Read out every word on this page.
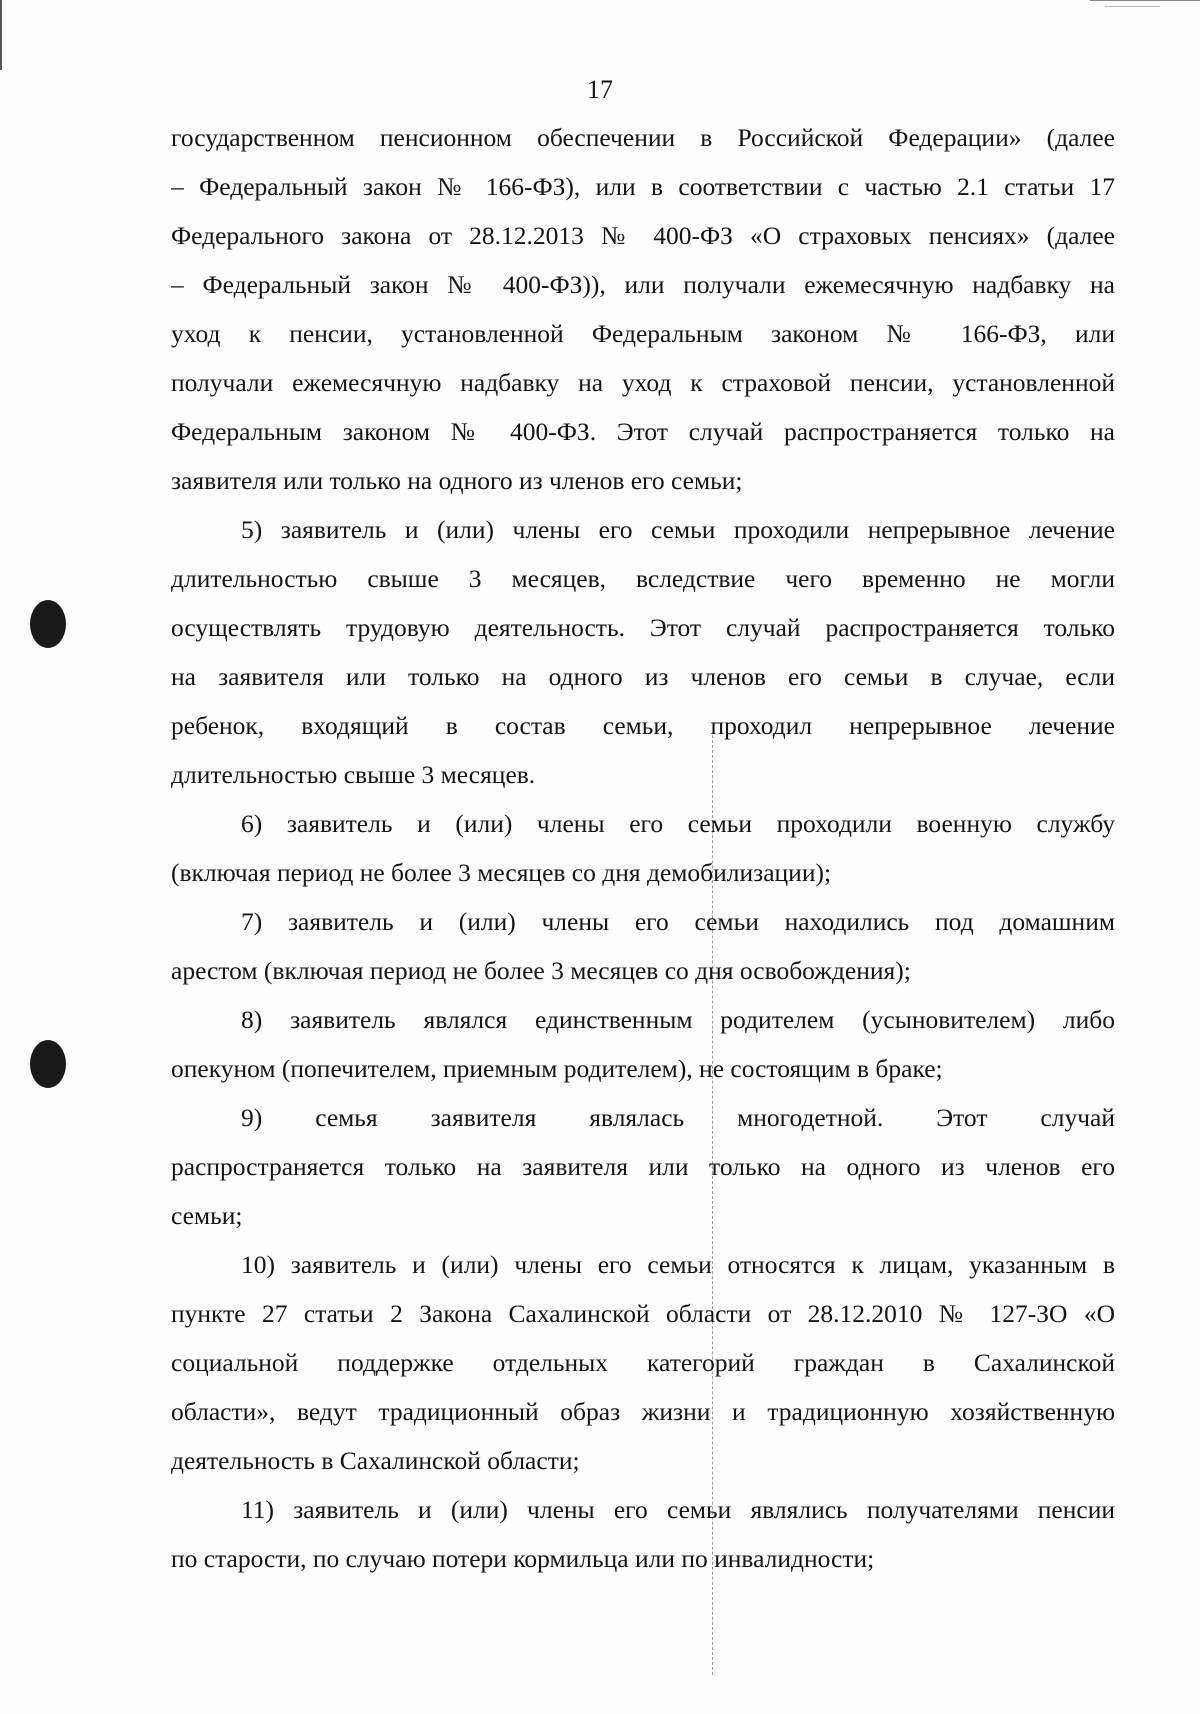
17
государственном пенсионном обеспечении в Российской Федерации» (далее
– Федеральный закон № 166-ФЗ), или в соответствии с частью 2.1 статьи 17
Федерального закона от 28.12.2013 № 400-ФЗ «О страховых пенсиях» (далее
– Федеральный закон № 400-ФЗ)), или получали ежемесячную надбавку на
уход к пенсии, установленной Федеральным законом № 166-ФЗ, или
получали ежемесячную надбавку на уход к страховой пенсии, установленной
Федеральным законом № 400-ФЗ. Этот случай распространяется только на
заявителя или только на одного из членов его семьи;
5) заявитель и (или) члены его семьи проходили непрерывное лечение
длительностью свыше 3 месяцев, вследствие чего временно не могли
осуществлять трудовую деятельность. Этот случай распространяется только
на заявителя или только на одного из членов его семьи в случае, если
ребенок, входящий в состав семьи, проходил непрерывное лечение
длительностью свыше 3 месяцев.
6) заявитель и (или) члены его семьи проходили военную службу
(включая период не более 3 месяцев со дня демобилизации);
7) заявитель и (или) члены его семьи находились под домашним
арестом (включая период не более 3 месяцев со дня освобождения);
8) заявитель являлся единственным родителем (усыновителем) либо
опекуном (попечителем, приемным родителем), не состоящим в браке;
9) семья заявителя являлась многодетной. Этот случай
распространяется только на заявителя или только на одного из членов его
семьи;
10) заявитель и (или) члены его семьи относятся к лицам, указанным в
пункте 27 статьи 2 Закона Сахалинской области от 28.12.2010 № 127-ЗО «О
социальной поддержке отдельных категорий граждан в Сахалинской
области», ведут традиционный образ жизни и традиционную хозяйственную
деятельность в Сахалинской области;
11) заявитель и (или) члены его семьи являлись получателями пенсии
по старости, по случаю потери кормильца или по инвалидности;
